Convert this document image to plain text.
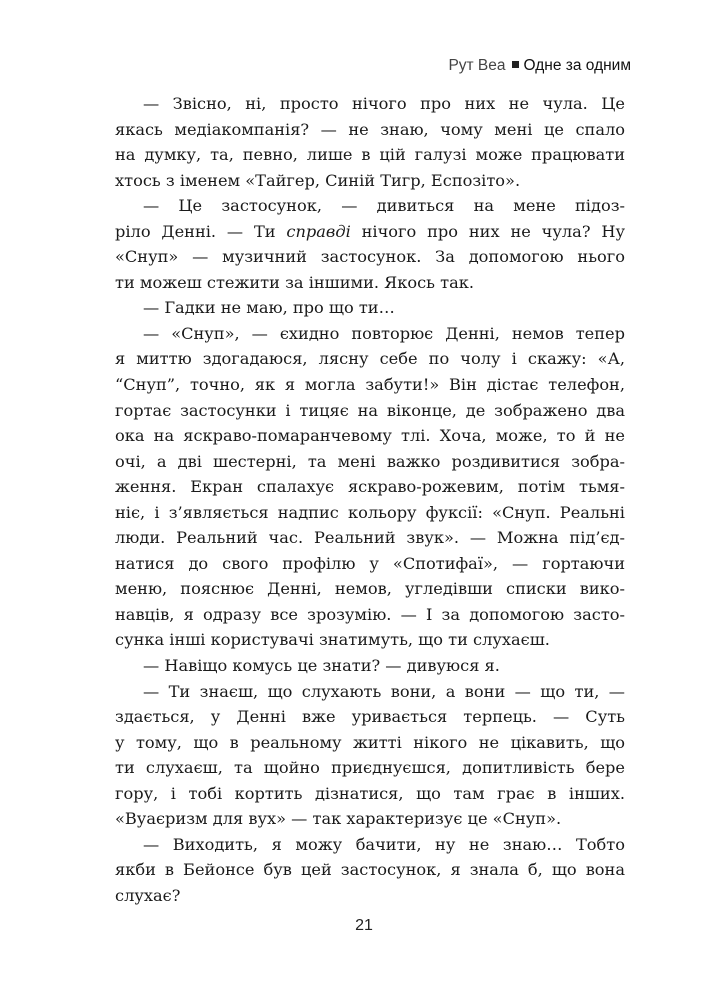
Рут Веа Одне за одним
— Звісно, ні, просто нічого про них не чула. Це
якась медіакомпанія? — не знаю, чому мені це спало
на думку, та, певно, лише в цій галузі може працювати
хтось з іменем «Тайгер, Синій Тигр, Еспозіто».
— Це застосунок, — дивиться на мене підоз-
ріло Денні. — Ти справді нічого про них не чула? Ну
«Снуп» — музичний застосунок. За допомогою нього
ти можеш стежити за іншими. Якось так.
— Гадки не маю, про що ти…
— «Снуп», — єхидно повторює Денні, немов тепер
я миттю здогадаюся, лясну себе по чолу і скажу: «А,
“Снуп”, точно, як я могла забути!» Він дістає телефон,
гортає застосунки і тицяє на віконце, де зображено два
ока на яскраво-помаранчевому тлі. Хоча, може, то й не
очі, а дві шестерні, та мені важко роздивитися зобра-
ження. Екран спалахує яскраво-рожевим, потім тьмя-
ніє, і з’являється надпис кольору фуксії: «Снуп. Реальні
люди. Реальний час. Реальний звук». — Можна під’єд-
натися до свого профілю у «Спотифаї», — гортаючи
меню, пояснює Денні, немов, угледівши списки вико-
навців, я одразу все зрозумію. — І за допомогою засто-
сунка інші користувачі знатимуть, що ти слухаєш.
— Навіщо комусь це знати? — дивуюся я.
— Ти знаєш, що слухають вони, а вони — що ти, —
здається, у Денні вже уривається терпець. — Суть
у тому, що в реальному житті нікого не цікавить, що
ти слухаєш, та щойно приєднуєшся, допитливість бере
гору, і тобі кортить дізнатися, що там грає в інших.
«Вуаєризм для вух» — так характеризує це «Снуп».
— Виходить, я можу бачити, ну не знаю… Тобто
якби в Бейонсе був цей застосунок, я знала б, що вона
слухає?
21
